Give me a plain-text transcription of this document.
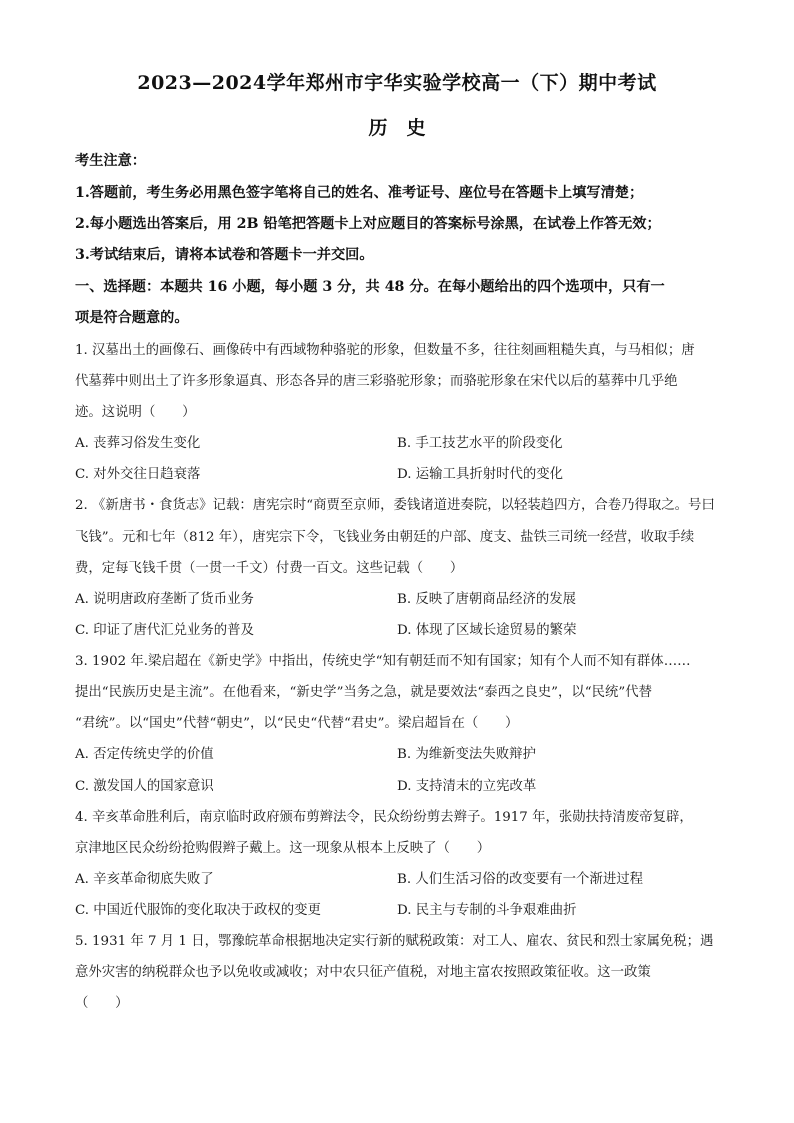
2023—2024学年郑州市宇华实验学校高一（下）期中考试
历　史
考生注意：
1.答题前，考生务必用黑色签字笔将自己的姓名、准考证号、座位号在答题卡上填写清楚；
2.每小题选出答案后，用 2B 铅笔把答题卡上对应题目的答案标号涂黑，在试卷上作答无效；
3.考试结束后，请将本试卷和答题卡一并交回。
一、选择题：本题共 16 小题，每小题 3 分，共 48 分。在每小题给出的四个选项中，只有一
项是符合题意的。
1. 汉墓出土的画像石、画像砖中有西域物种骆驼的形象，但数量不多，往往刻画粗糙失真，与马相似；唐
代墓葬中则出土了许多形象逼真、形态各异的唐三彩骆驼形象；而骆驼形象在宋代以后的墓葬中几乎绝
迹。这说明（　　）
A. 丧葬习俗发生变化	B. 手工技艺水平的阶段变化
C. 对外交往日趋衰落	D. 运输工具折射时代的变化
2. 《新唐书・食货志》记载：唐宪宗时“商贾至京师，委钱诸道进奏院，以轻装趋四方，合卷乃得取之。号曰
飞钱”。元和七年（812 年），唐宪宗下令，飞钱业务由朝廷的户部、度支、盐铁三司统一经营，收取手续
费，定每飞钱千贯（一贯一千文）付费一百文。这些记载（　　）
A. 说明唐政府垄断了货币业务	B. 反映了唐朝商品经济的发展
C. 印证了唐代汇兑业务的普及	D. 体现了区域长途贸易的繁荣
3. 1902 年.梁启超在《新史学》中指出，传统史学“知有朝廷而不知有国家；知有个人而不知有群体……
提出“民族历史是主流”。在他看来，“新史学”当务之急，就是要效法“泰西之良史”，以“民统”代替
“君统”。以“国史”代替“朝史”，以“民史“代替“君史”。梁启超旨在（　　）
A. 否定传统史学的价值	B. 为维新变法失败辩护
C. 激发国人的国家意识	D. 支持清末的立宪改革
4. 辛亥革命胜利后，南京临时政府颁布剪辫法令，民众纷纷剪去辫子。1917 年，张勋扶持清废帝复辟，
京津地区民众纷纷抢购假辫子戴上。这一现象从根本上反映了（　　）
A. 辛亥革命彻底失败了	B. 人们生活习俗的改变要有一个渐进过程
C. 中国近代服饰的变化取决于政权的变更	D. 民主与专制的斗争艰难曲折
5. 1931 年 7 月 1 日，鄂豫皖革命根据地决定实行新的赋税政策：对工人、雇农、贫民和烈士家属免税；遇
意外灾害的纳税群众也予以免收或减收；对中农只征产值税，对地主富农按照政策征收。这一政策
（　　）
